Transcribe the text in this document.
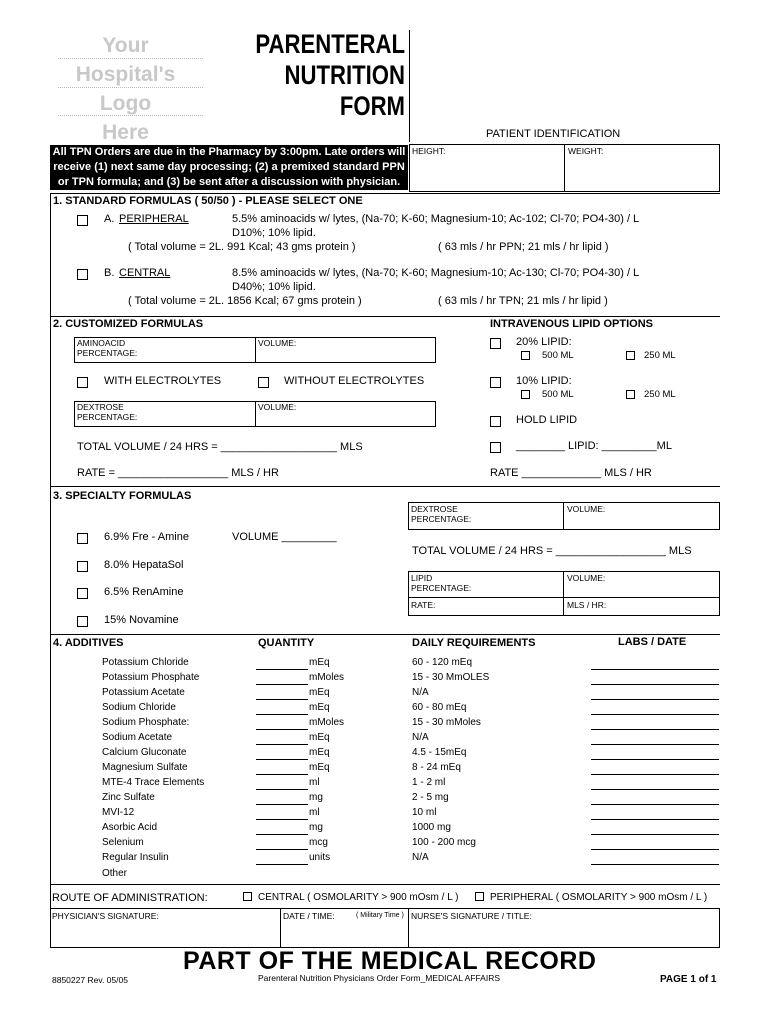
Your
Hospital's
Logo
Here
PARENTERAL
NUTRITION
FORM
PATIENT IDENTIFICATION
All TPN Orders are due in the Pharmacy by 3:00pm. Late orders will
receive (1) next same day processing; (2) a premixed standard PPN
or TPN formula; and (3) be sent after a discussion with physician.
HEIGHT:	WEIGHT:
1. STANDARD FORMULAS ( 50/50 ) - PLEASE SELECT ONE
A. PERIPHERAL	5.5% aminoacids w/ lytes, (Na-70; K-60; Magnesium-10; Ac-102; Cl-70; PO4-30) / L
D10%; 10% lipid.
( Total volume = 2L. 991 Kcal; 43 gms protein )	( 63 mls / hr PPN; 21 mls / hr lipid )
B. CENTRAL	8.5% aminoacids w/ lytes, (Na-70; K-60; Magnesium-10; Ac-130; Cl-70; PO4-30) / L
D40%; 10% lipid.
( Total volume = 2L. 1856 Kcal; 67 gms protein )	( 63 mls / hr TPN; 21 mls / hr lipid )
2. CUSTOMIZED FORMULAS
AMINOACID
PERCENTAGE:
VOLUME:
WITH ELECTROLYTES	WITHOUT ELECTROLYTES
DEXTROSE
PERCENTAGE:
VOLUME:
TOTAL VOLUME / 24 HRS = ___________________ MLS
RATE = __________________ MLS / HR
INTRAVENOUS LIPID OPTIONS
20% LIPID:
500 ML	250 ML
10% LIPID:
500 ML	250 ML
HOLD LIPID
________ LIPID: _________ML
RATE _____________ MLS / HR
3. SPECIALTY FORMULAS
6.9% Fre - Amine	VOLUME _________
8.0% HepataSol
6.5% RenAmine
15% Novamine
DEXTROSE
PERCENTAGE:
VOLUME:
TOTAL VOLUME / 24 HRS = __________________ MLS
LIPID
PERCENTAGE:
VOLUME:
RATE:	MLS / HR:
4. ADDITIVES	QUANTITY	DAILY REQUIREMENTS	LABS / DATE
Potassium Chloride	mEq	60 - 120 mEq
Potassium Phosphate	mMoles	15 - 30 MmOLES
Potassium Acetate	mEq	N/A
Sodium Chloride	mEq	60 - 80 mEq
Sodium Phosphate:	mMoles	15 - 30 mMoles
Sodium Acetate	mEq	N/A
Calcium Gluconate	mEq	4.5 - 15mEq
Magnesium Sulfate	mEq	8 - 24 mEq
MTE-4 Trace Elements	ml	1 - 2 ml
Zinc Sulfate	mg	2 - 5 mg
MVI-12	ml	10 ml
Asorbic Acid	mg	1000 mg
Selenium	mcg	100 - 200 mcg
Regular Insulin	units	N/A
Other
ROUTE OF ADMINISTRATION:	CENTRAL ( OSMOLARITY > 900 mOsm / L )	PERIPHERAL ( OSMOLARITY > 900 mOsm / L )
PHYSICIAN'S SIGNATURE:	DATE / TIME:	( Military Time ) NURSE'S SIGNATURE / TITLE:
PART OF THE MEDICAL RECORD
8850227 Rev. 05/05	Parenteral Nutrition Physicians Order Form_MEDICAL AFFAIRS	PAGE 1 of 1
